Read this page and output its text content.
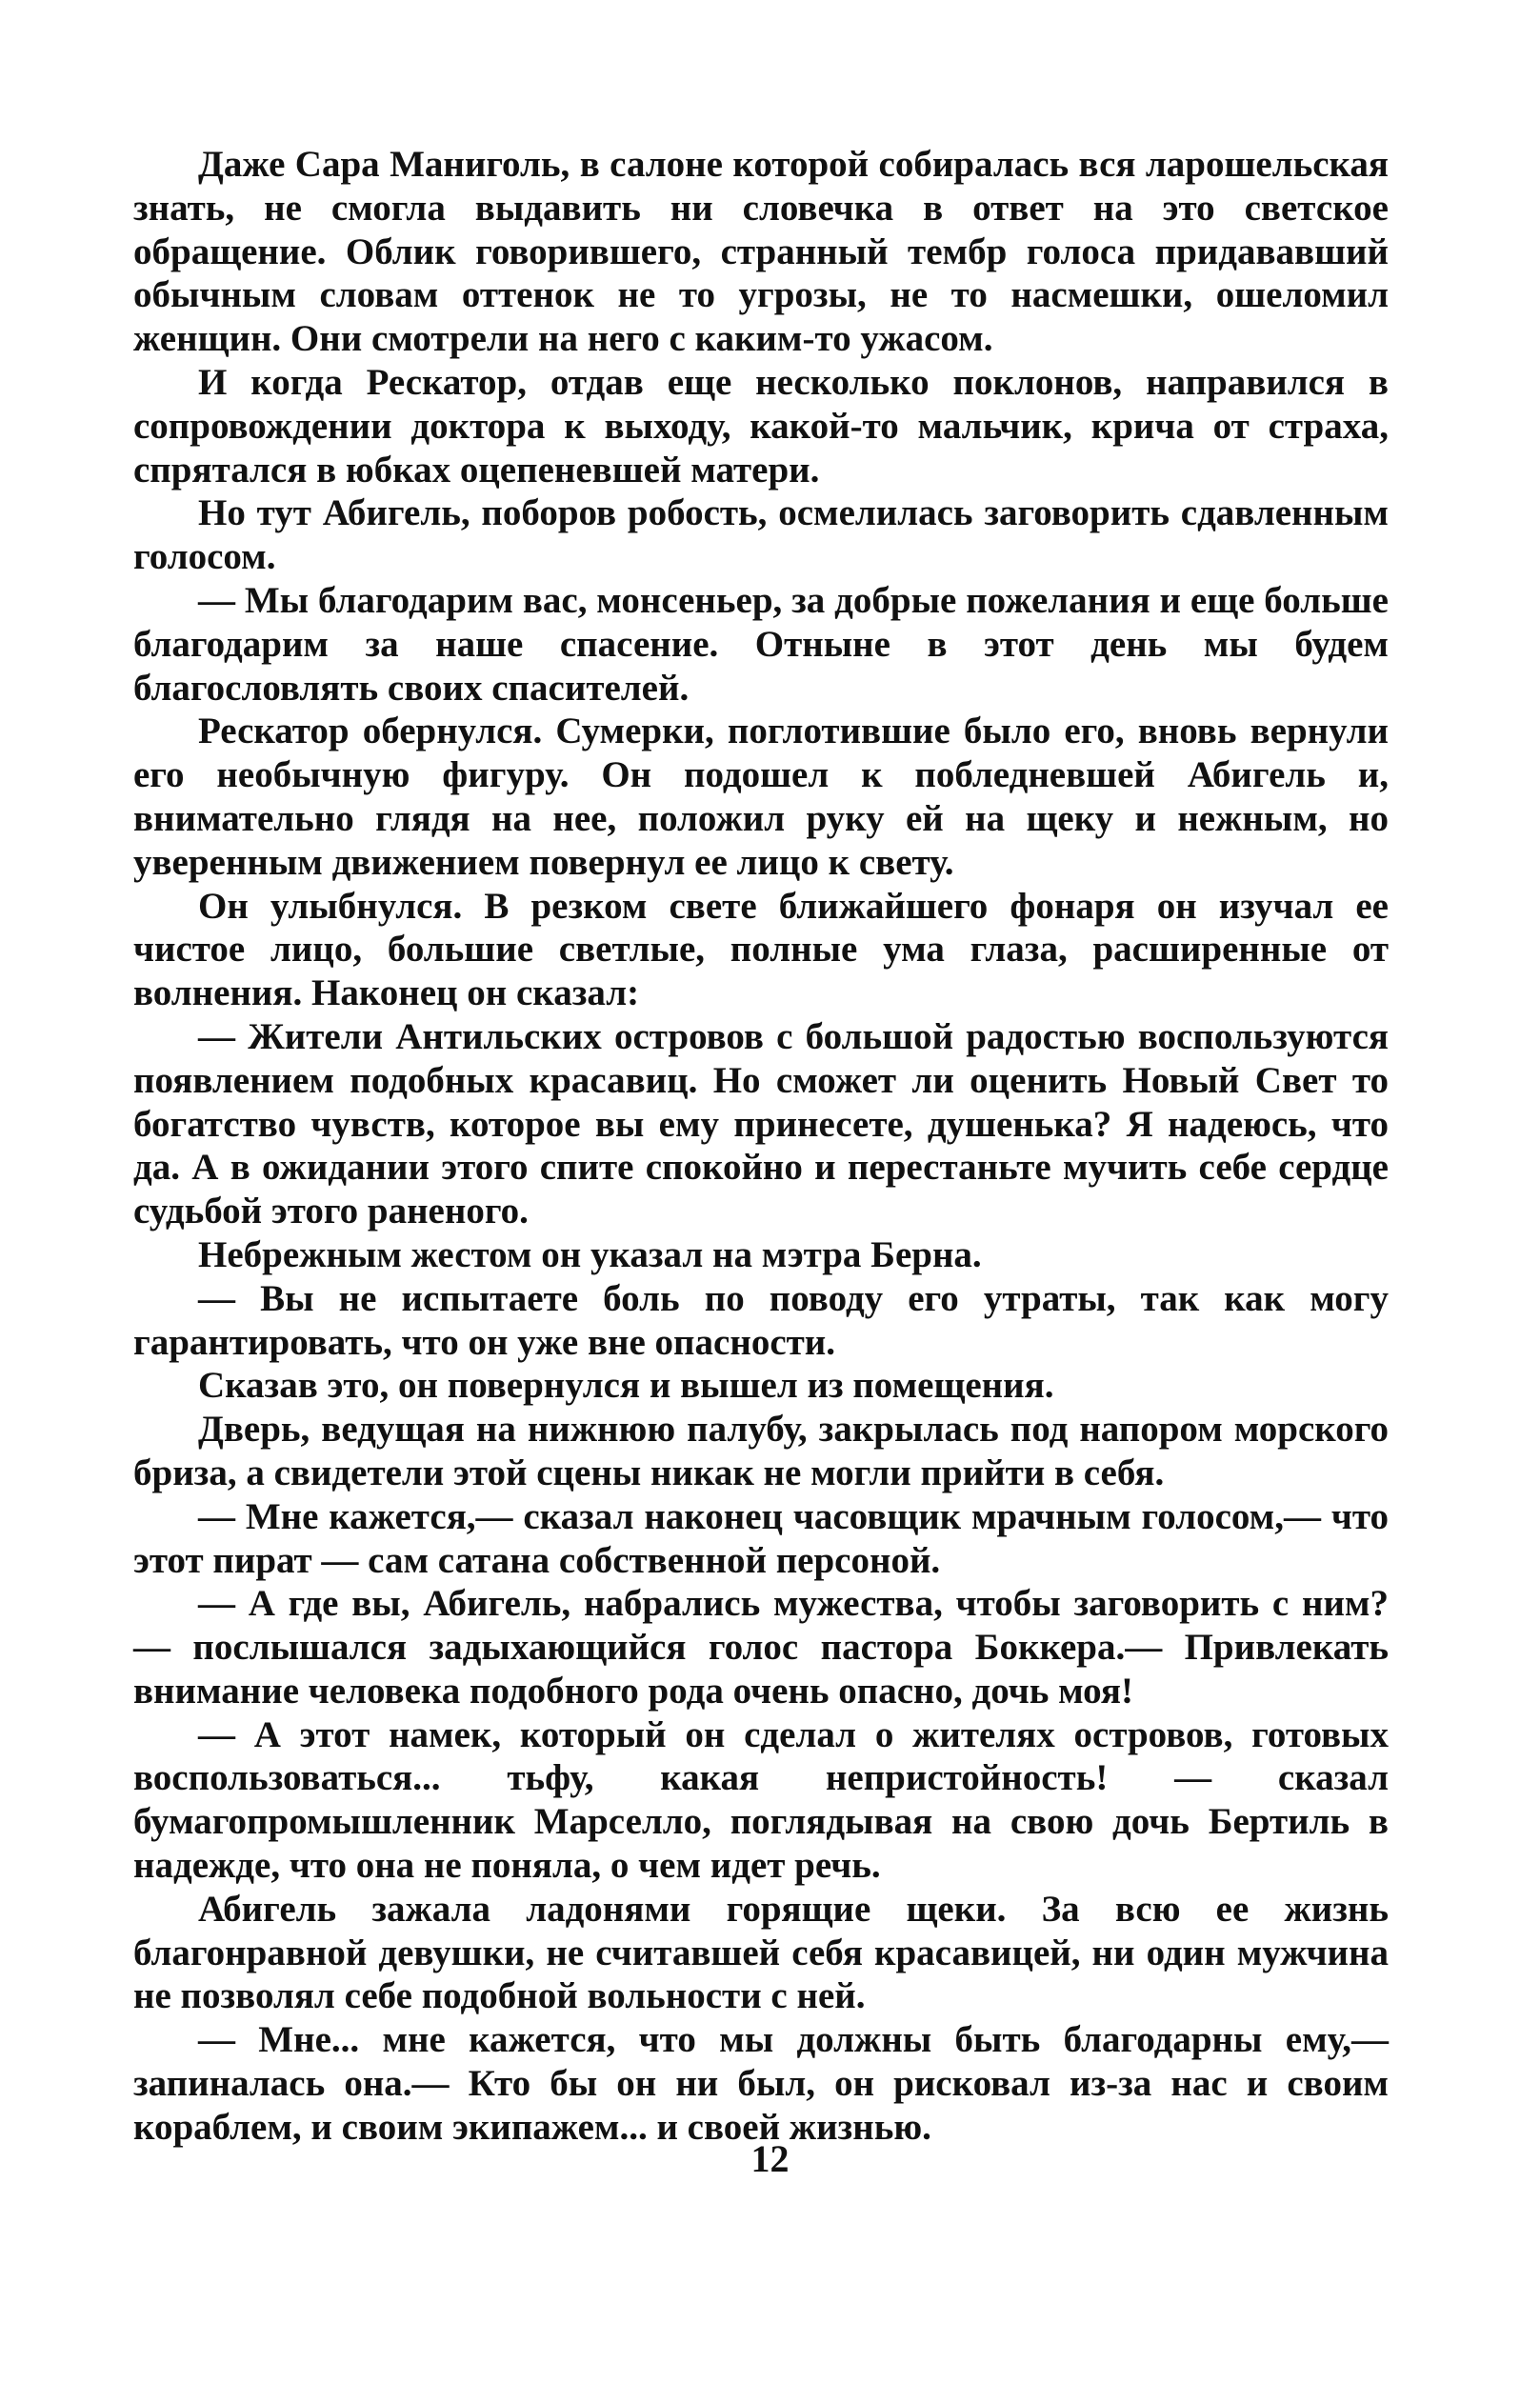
Даже Сара Маниголь, в салоне которой собиралась вся ларошельская знать, не смогла выдавить ни словечка в ответ на это светское обращение. Облик говорившего, странный тембр голоса придававший обычным словам оттенок не то угрозы, не то насмешки, ошеломил женщин. Они смотрели на него с каким-то ужасом.

И когда Рескатор, отдав еще несколько поклонов, направился в сопровождении доктора к выходу, какой-то мальчик, крича от страха, спрятался в юбках оцепеневшей матери.

Но тут Абигель, поборов робость, осмелилась заговорить сдавленным голосом.

— Мы благодарим вас, монсеньер, за добрые пожелания и еще больше благодарим за наше спасение. Отныне в этот день мы будем благословлять своих спасителей.

Рескатор обернулся. Сумерки, поглотившие было его, вновь вернули его необычную фигуру. Он подошел к побледневшей Абигель и, внимательно глядя на нее, положил руку ей на щеку и нежным, но уверенным движением повернул ее лицо к свету.

Он улыбнулся. В резком свете ближайшего фонаря он изучал ее чистое лицо, большие светлые, полные ума глаза, расширенные от волнения. Наконец он сказал:

— Жители Антильских островов с большой радостью воспользуются появлением подобных красавиц. Но сможет ли оценить Новый Свет то богатство чувств, которое вы ему принесете, душенька? Я надеюсь, что да. А в ожидании этого спите спокойно и перестаньте мучить себе сердце судьбой этого раненого.

Небрежным жестом он указал на мэтра Берна.

— Вы не испытаете боль по поводу его утраты, так как могу гарантировать, что он уже вне опасности.

Сказав это, он повернулся и вышел из помещения.

Дверь, ведущая на нижнюю палубу, закрылась под напором морского бриза, а свидетели этой сцены никак не могли прийти в себя.

— Мне кажется,— сказал наконец часовщик мрачным голосом,— что этот пират — сам сатана собственной персоной.

— А где вы, Абигель, набрались мужества, чтобы заговорить с ним? — послышался задыхающийся голос пастора Боккера.— Привлекать внимание человека подобного рода очень опасно, дочь моя!

— А этот намек, который он сделал о жителях островов, готовых воспользоваться... тьфу, какая непристойность! — сказал бумагопромышленник Марселло, поглядывая на свою дочь Бертиль в надежде, что она не поняла, о чем идет речь.

Абигель зажала ладонями горящие щеки. За всю ее жизнь благонравной девушки, не считавшей себя красавицей, ни один мужчина не позволял себе подобной вольности с ней.

— Мне... мне кажется, что мы должны быть благодарны ему,— запиналась она.— Кто бы он ни был, он рисковал из-за нас и своим кораблем, и своим экипажем... и своей жизнью.

12
